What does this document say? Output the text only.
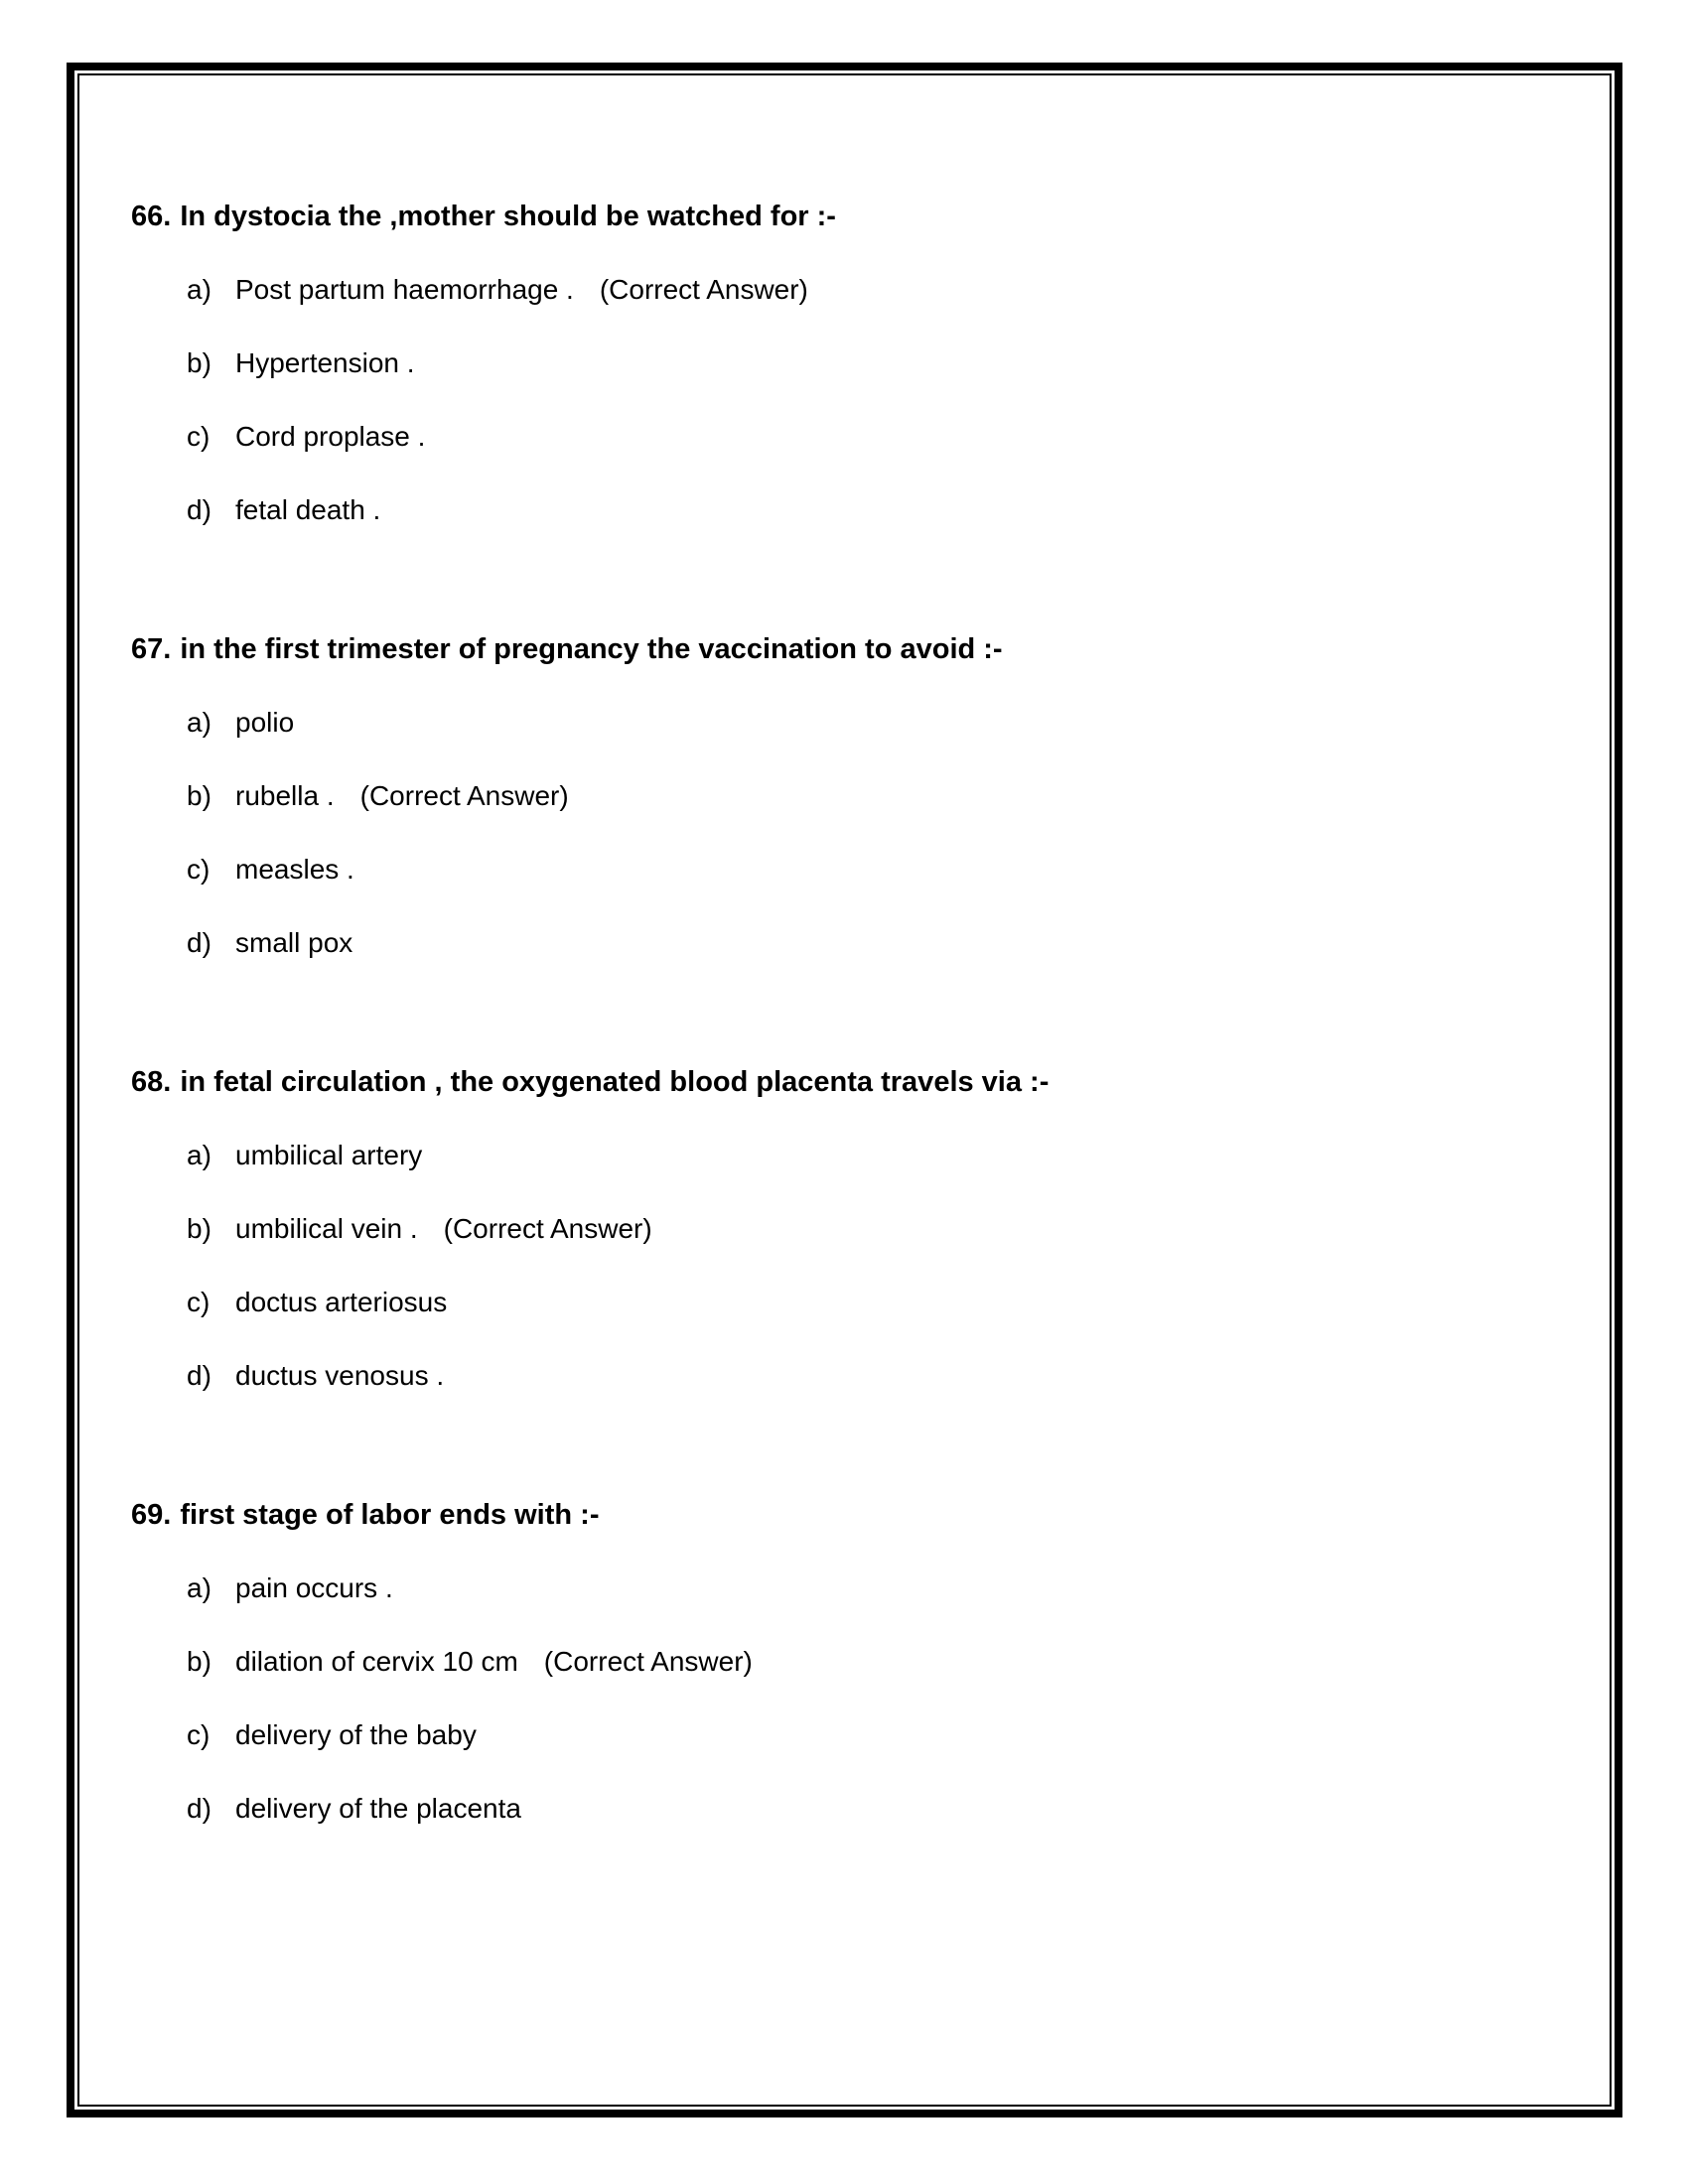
66. In dystocia the ,mother should be watched for :-

a) Post partum haemorrhage . (Correct Answer)

b) Hypertension .

c) Cord proplase .

d) fetal death .

67. in the first trimester of pregnancy the vaccination to avoid :-

a) polio

b) rubella . (Correct Answer)

c) measles .

d) small pox

68. in fetal circulation , the oxygenated blood placenta travels via :-

a) umbilical artery

b) umbilical vein . (Correct Answer)

c) doctus arteriosus

d) ductus venosus .

69. first stage of labor ends with :-

a) pain occurs .

b) dilation of cervix 10 cm (Correct Answer)

c) delivery of the baby

d) delivery of the placenta
